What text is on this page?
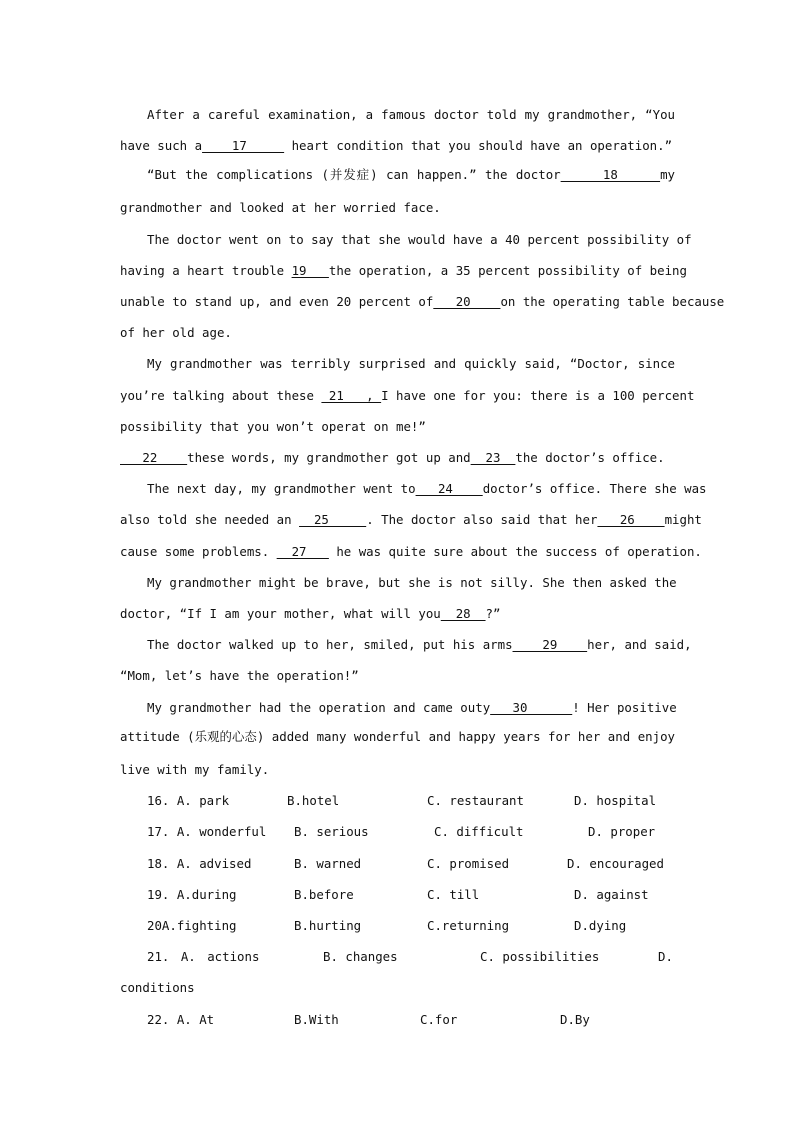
After a careful examination, a famous doctor told my grandmother, “You
have such a    17      heart condition that you should have an operation.”
“But the complications (并发症) can happen.” the doctor     18     my
grandmother and looked at her worried face.
The doctor went on to say that she would have a 40 percent possibility of
having a heart trouble 19   the operation, a 35 percent possibility of being
unable to stand up, and even 20 percent of   20    on the operating table because
of her old age.
My grandmother was terribly surprised and quickly said, “Doctor, since
you’re talking about these  21   , I have one for you: there is a 100 percent
possibility that you won’t operat on me!”
22    these words, my grandmother got up and  23  the doctor’s office.
The next day, my grandmother went to   24    doctor’s office. There she was
also told she needed an   25     . The doctor also said that her   26    might
cause some problems.   27    he was quite sure about the success of operation.
My grandmother might be brave, but she is not silly. She then asked the
doctor, “If I am your mother, what will you  28  ?”
The doctor walked up to her, smiled, put his arms    29    her, and said,
“Mom, let’s have the operation!”
My grandmother had the operation and came outy   30      ! Her positive
attitude (乐观的心态) added many wonderful and happy years for her and enjoy
live with my family.
16. A. park	B.hotel	C. restaurant	D. hospital
17. A. wonderful B. serious	C. difficult	D. proper
18. A. advised	B. warned	C. promised	D. encouraged
19. A.during	B.before	C. till	D. against
20A.fighting	B.hurting	C.returning	D.dying
21. A. actions	B. changes	C. possibilities	D.
conditions
22. A. At	B.With	C.for	D.By
